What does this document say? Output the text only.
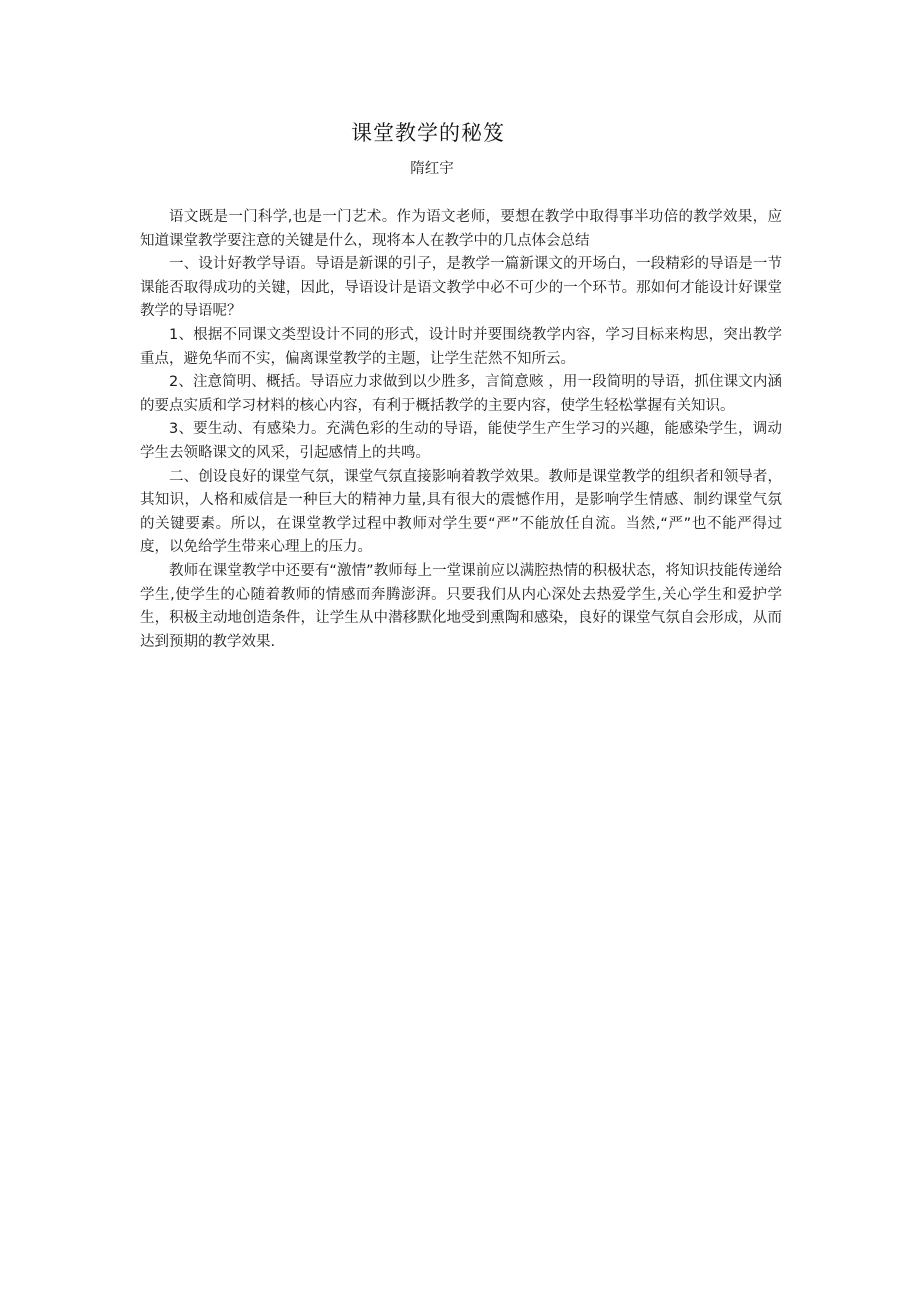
课堂教学的秘笈
隋红宇

语文既是一门科学,也是一门艺术。作为语文老师，要想在教学中取得事半功倍的教学效果，应知道课堂教学要注意的关键是什么，现将本人在教学中的几点体会总结

一、设计好教学导语。导语是新课的引子，是教学一篇新课文的开场白，一段精彩的导语是一节课能否取得成功的关键，因此，导语设计是语文教学中必不可少的一个环节。那如何才能设计好课堂教学的导语呢？

1、根据不同课文类型设计不同的形式，设计时并要围绕教学内容，学习目标来构思，突出教学重点，避免华而不实，偏离课堂教学的主题，让学生茫然不知所云。

2、注意简明、概括。导语应力求做到以少胜多，言简意赅 ，用一段简明的导语，抓住课文内涵的要点实质和学习材料的核心内容，有利于概括教学的主要内容，使学生轻松掌握有关知识。

3、要生动、有感染力。充满色彩的生动的导语，能使学生产生学习的兴趣，能感染学生，调动学生去领略课文的风采，引起感情上的共鸣。

二、创设良好的课堂气氛，课堂气氛直接影响着教学效果。教师是课堂教学的组织者和领导者，其知识，人格和威信是一种巨大的精神力量,具有很大的震憾作用，是影响学生情感、制约课堂气氛的关键要素。所以，在课堂教学过程中教师对学生要“严”不能放任自流。当然,“严”也不能严得过度，以免给学生带来心理上的压力。

教师在课堂教学中还要有“激情”教师每上一堂课前应以满腔热情的积极状态，将知识技能传递给学生,使学生的心随着教师的情感而奔腾澎湃。只要我们从内心深处去热爱学生,关心学生和爱护学生，积极主动地创造条件，让学生从中潜移默化地受到熏陶和感染，良好的课堂气氛自会形成，从而达到预期的教学效果.
